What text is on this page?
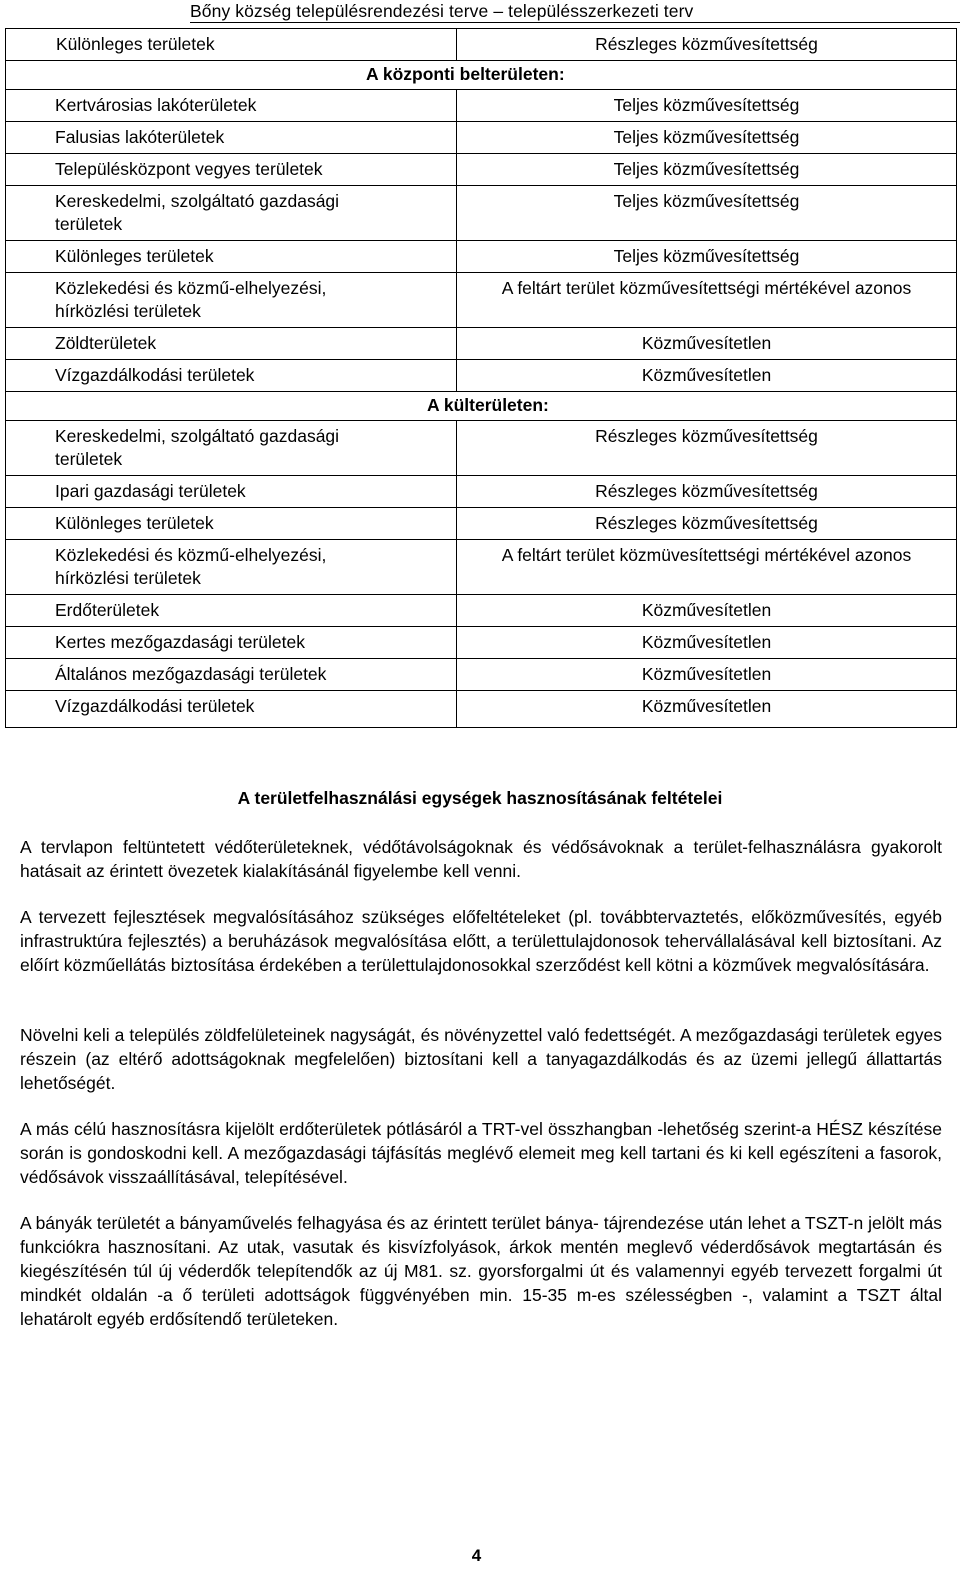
Bőny község településrendezési terve – településszerkezeti terv
Különleges területek	Részleges közművesítettség
A központi belterületen:	
Kertvárosias lakóterületek	Teljes közművesítettség
Falusias lakóterületek	Teljes közművesítettség
Településközpont vegyes területek	Teljes közművesítettség
Kereskedelmi, szolgáltató gazdasági területek	Teljes közművesítettség
Különleges területek	Teljes közművesítettség
Közlekedési és közmű-elhelyezési, hírközlési területek	A feltárt terület közművesítettségi mértékével azonos
Zöldterületek	Közművesítetlen
Vízgazdálkodási területek	Közművesítetlen
A külterületen:	
Kereskedelmi, szolgáltató gazdasági területek	Részleges közművesítettség
Ipari gazdasági területek	Részleges közművesítettség
Különleges területek	Részleges közművesítettség
Közlekedési és közmű-elhelyezési, hírközlési területek	A feltárt terület közmüvesítettségi mértékével azonos
Erdőterületek	Közművesítetlen
Kertes mezőgazdasági területek	Közművesítetlen
Általános mezőgazdasági területek	Közművesítetlen
Vízgazdálkodási területek	Közművesítetlen
A területfelhasználási egységek hasznosításának feltételei
A tervlapon feltüntetett védőterületeknek, védőtávolságoknak és védősávoknak a terület-felhasználásra gyakorolt hatásait az érintett övezetek kialakításánál figyelembe kell venni.
A tervezett fejlesztések megvalósításához szükséges előfeltételeket (pl. továbbtervaztetés, előközművesítés, egyéb infrastruktúra fejlesztés) a beruházások megvalósítása előtt, a területtulajdonosok tehervállalásával kell biztosítani. Az előírt közműellátás biztosítása érdekében a területtulajdonosokkal szerződést kell kötni a közművek megvalósítására.
Növelni keli a település zöldfelületeinek nagyságát, és növényzettel való fedettségét. A mezőgazdasági területek egyes részein (az eltérő adottságoknak megfelelően) biztosítani kell a tanyagazdálkodás és az üzemi jellegű állattartás lehetőségét.
A más célú hasznosításra kijelölt erdőterületek pótlásáról a TRT-vel összhangban -lehetőség szerint-a HÉSZ készítése során is gondoskodni kell. A mezőgazdasági tájfásítás meglévő elemeit meg kell tartani és ki kell egészíteni a fasorok, védősávok visszaállításával, telepítésével.
A bányák területét a bányaművelés felhagyása és az érintett terület bánya- tájrendezése után lehet a TSZT-n jelölt más funkciókra hasznosítani. Az utak, vasutak és kisvízfolyások, árkok mentén meglevő véderdősávok megtartásán és kiegészítésén túl új véderdők telepítendők az új M81. sz. gyorsforgalmi út és valamennyi egyéb tervezett forgalmi út mindkét oldalán -a ő területi adottságok függvényében min. 15-35 m-es szélességben -, valamint a TSZT által lehatárolt egyéb erdősítendő területeken.
4
